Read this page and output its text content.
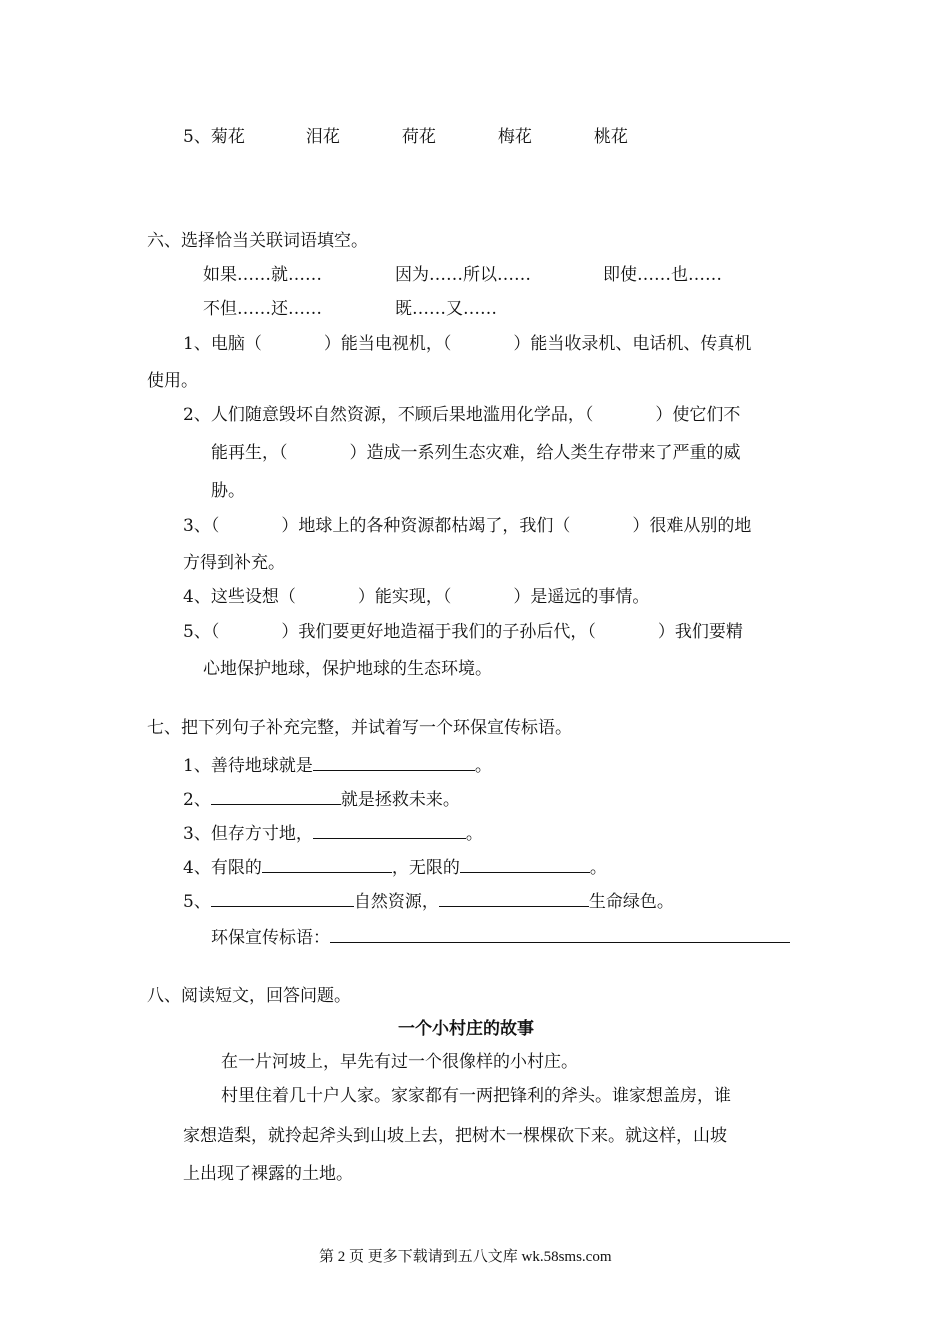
5、菊花	泪花	荷花	梅花	桃花
六、选择恰当关联词语填空。
如果……就……	因为……所以……	即使……也……
不但……还……	既……又……
1、电脑（	）能当电视机，（	）能当收录机、电话机、传真机
使用。
2、人们随意毁坏自然资源，不顾后果地滥用化学品，（	）使它们不
能再生，（	）造成一系列生态灾难，给人类生存带来了严重的威
胁。
3、（	）地球上的各种资源都枯竭了，我们（	）很难从别的地
方得到补充。
4、这些设想（	）能实现，（	）是遥远的事情。
5、（	）我们要更好地造福于我们的子孙后代，（	）我们要精
心地保护地球，保护地球的生态环境。
七、把下列句子补充完整，并试着写一个环保宣传标语。
1、善待地球就是	。
2、	就是拯救未来。
3、但存方寸地，	。
4、有限的	，无限的	。
5、	自然资源，	生命绿色。
环保宣传标语：
八、阅读短文，回答问题。
一个小村庄的故事
在一片河坡上，早先有过一个很像样的小村庄。
村里住着几十户人家。家家都有一两把锋利的斧头。谁家想盖房，谁
家想造梨，就拎起斧头到山坡上去，把树木一棵棵砍下来。就这样，山坡
上出现了裸露的土地。
第 2 页 更多下载请到五八文库 wk.58sms.com
